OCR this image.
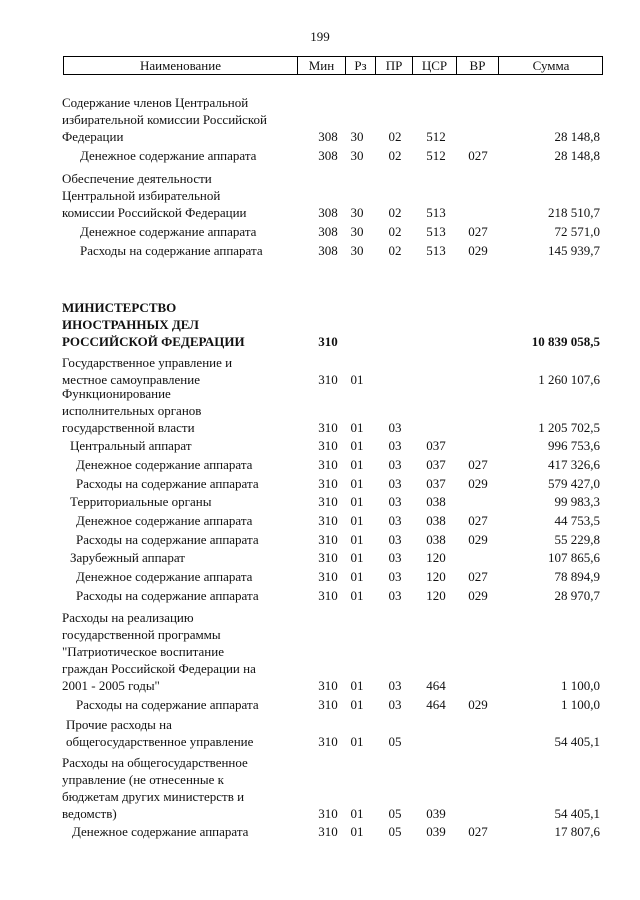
199
Наименование	Мин	Рз	ПР	ЦСР	ВР	Сумма
Содержание членов Центральной
избирательной комиссии Российской
Федерации	308 30 02 512	28 148,8
Денежное содержание аппарата	308 30 02 512 027	28 148,8
Обеспечение деятельности
Центральной избирательной
комиссии Российской Федерации	308 30 02 513	218 510,7
Денежное содержание аппарата	308 30 02 513 027	72 571,0
Расходы на содержание аппарата	308 30 02 513 029	145 939,7
МИНИСТЕРСТВО
ИНОСТРАННЫХ ДЕЛ
РОССИЙСКОЙ ФЕДЕРАЦИИ	310	10 839 058,5
Государственное управление и
местное самоуправление	310 01	1 260 107,6
Функционирование
исполнительных органов
государственной власти	310 01 03	1 205 702,5
Центральный аппарат	310 01 03 037	996 753,6
Денежное содержание аппарата	310 01 03 037 027	417 326,6
Расходы на содержание аппарата	310 01 03 037 029	579 427,0
Территориальные органы	310 01 03 038	99 983,3
Денежное содержание аппарата	310 01 03 038 027	44 753,5
Расходы на содержание аппарата	310 01 03 038 029	55 229,8
Зарубежный аппарат	310 01 03 120	107 865,6
Денежное содержание аппарата	310 01 03 120 027	78 894,9
Расходы на содержание аппарата	310 01 03 120 029	28 970,7
Расходы на реализацию
государственной программы
"Патриотическое воспитание
граждан Российской Федерации на
2001 - 2005 годы"	310 01 03 464	1 100,0
Расходы на содержание аппарата	310 01 03 464 029	1 100,0
Прочие расходы на
общегосударственное управление	310 01 05	54 405,1
Расходы на общегосударственное
управление (не отнесенные к
бюджетам других министерств и
ведомств)	310 01 05 039	54 405,1
Денежное содержание аппарата	310 01 05 039 027	17 807,6
